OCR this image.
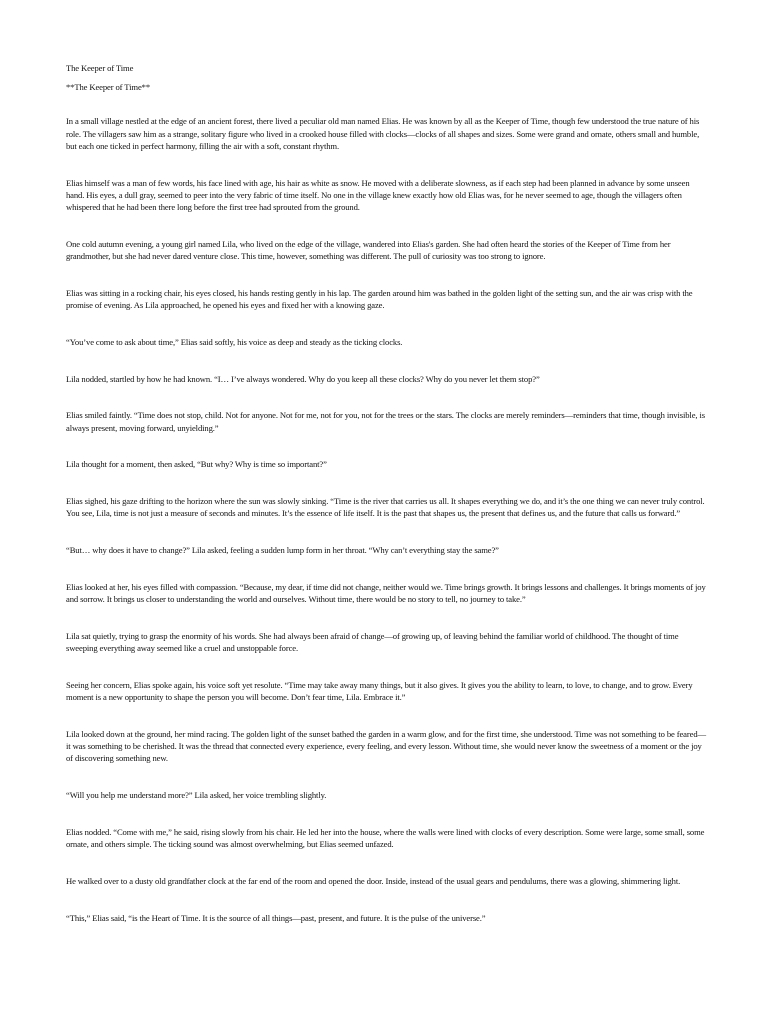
The Keeper of Time
**The Keeper of Time**

In a small village nestled at the edge of an ancient forest, there lived a peculiar old man named Elias. He was known by all as the Keeper of Time, though few understood the true nature of his role. The villagers saw him as a strange, solitary figure who lived in a crooked house filled with clocks—clocks of all shapes and sizes. Some were grand and ornate, others small and humble, but each one ticked in perfect harmony, filling the air with a soft, constant rhythm.

Elias himself was a man of few words, his face lined with age, his hair as white as snow. He moved with a deliberate slowness, as if each step had been planned in advance by some unseen hand. His eyes, a dull gray, seemed to peer into the very fabric of time itself. No one in the village knew exactly how old Elias was, for he never seemed to age, though the villagers often whispered that he had been there long before the first tree had sprouted from the ground.

One cold autumn evening, a young girl named Lila, who lived on the edge of the village, wandered into Elias's garden. She had often heard the stories of the Keeper of Time from her grandmother, but she had never dared venture close. This time, however, something was different. The pull of curiosity was too strong to ignore.

Elias was sitting in a rocking chair, his eyes closed, his hands resting gently in his lap. The garden around him was bathed in the golden light of the setting sun, and the air was crisp with the promise of evening. As Lila approached, he opened his eyes and fixed her with a knowing gaze.

“You’ve come to ask about time,” Elias said softly, his voice as deep and steady as the ticking clocks.

Lila nodded, startled by how he had known. “I… I’ve always wondered. Why do you keep all these clocks? Why do you never let them stop?”

Elias smiled faintly. “Time does not stop, child. Not for anyone. Not for me, not for you, not for the trees or the stars. The clocks are merely reminders—reminders that time, though invisible, is always present, moving forward, unyielding.”

Lila thought for a moment, then asked, “But why? Why is time so important?”

Elias sighed, his gaze drifting to the horizon where the sun was slowly sinking. “Time is the river that carries us all. It shapes everything we do, and it’s the one thing we can never truly control. You see, Lila, time is not just a measure of seconds and minutes. It’s the essence of life itself. It is the past that shapes us, the present that defines us, and the future that calls us forward.”

“But… why does it have to change?” Lila asked, feeling a sudden lump form in her throat. “Why can’t everything stay the same?”

Elias looked at her, his eyes filled with compassion. “Because, my dear, if time did not change, neither would we. Time brings growth. It brings lessons and challenges. It brings moments of joy and sorrow. It brings us closer to understanding the world and ourselves. Without time, there would be no story to tell, no journey to take.”

Lila sat quietly, trying to grasp the enormity of his words. She had always been afraid of change—of growing up, of leaving behind the familiar world of childhood. The thought of time sweeping everything away seemed like a cruel and unstoppable force.

Seeing her concern, Elias spoke again, his voice soft yet resolute. “Time may take away many things, but it also gives. It gives you the ability to learn, to love, to change, and to grow. Every moment is a new opportunity to shape the person you will become. Don’t fear time, Lila. Embrace it.”

Lila looked down at the ground, her mind racing. The golden light of the sunset bathed the garden in a warm glow, and for the first time, she understood. Time was not something to be feared—it was something to be cherished. It was the thread that connected every experience, every feeling, and every lesson. Without time, she would never know the sweetness of a moment or the joy of discovering something new.

“Will you help me understand more?” Lila asked, her voice trembling slightly.

Elias nodded. “Come with me,” he said, rising slowly from his chair. He led her into the house, where the walls were lined with clocks of every description. Some were large, some small, some ornate, and others simple. The ticking sound was almost overwhelming, but Elias seemed unfazed.

He walked over to a dusty old grandfather clock at the far end of the room and opened the door. Inside, instead of the usual gears and pendulums, there was a glowing, shimmering light.

“This,” Elias said, “is the Heart of Time. It is the source of all things—past, present, and future. It is the pulse of the universe.”
